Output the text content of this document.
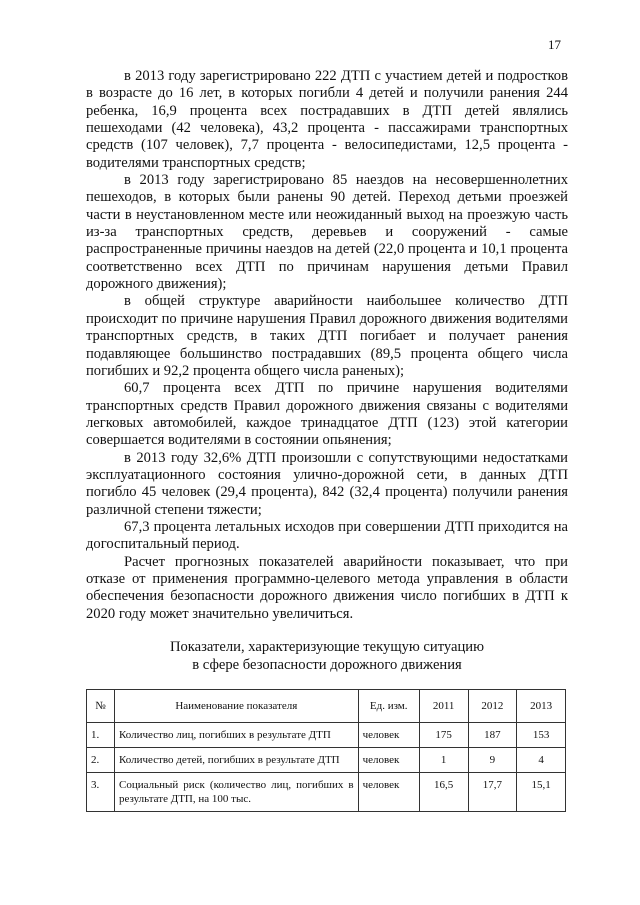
17

в 2013 году зарегистрировано 222 ДТП с участием детей и подростков в возрасте до 16 лет, в которых погибли 4 детей и получили ранения 244 ребенка, 16,9 процента всех пострадавших в ДТП детей являлись пешеходами (42 человека), 43,2 процента - пассажирами транспортных средств (107 человек), 7,7 процента - велосипедистами, 12,5 процента - водителями транспортных средств;

в 2013 году зарегистрировано 85 наездов на несовершеннолетних пешеходов, в которых были ранены 90 детей. Переход детьми проезжей части в неустановленном месте или неожиданный выход на проезжую часть из-за транспортных средств, деревьев и сооружений - самые распространенные причины наездов на детей (22,0 процента и 10,1 процента соответственно всех ДТП по причинам нарушения детьми Правил дорожного движения);

в общей структуре аварийности наибольшее количество ДТП происходит по причине нарушения Правил дорожного движения водителями транспортных средств, в таких ДТП погибает и получает ранения подавляющее большинство пострадавших (89,5 процента общего числа погибших и 92,2 процента общего числа раненых);

60,7 процента всех ДТП по причине нарушения водителями транспортных средств Правил дорожного движения связаны с водителями легковых автомобилей, каждое тринадцатое ДТП (123) этой категории совершается водителями в состоянии опьянения;

в 2013 году 32,6% ДТП произошли с сопутствующими недостатками эксплуатационного состояния улично-дорожной сети, в данных ДТП погибло 45 человек (29,4 процента), 842 (32,4 процента) получили ранения различной степени тяжести;

67,3 процента летальных исходов при совершении ДТП приходится на догоспитальный период.

Расчет прогнозных показателей аварийности показывает, что при отказе от применения программно-целевого метода управления в области обеспечения безопасности дорожного движения число погибших в ДТП к 2020 году может значительно увеличиться.

Показатели, характеризующие текущую ситуацию
в сфере безопасности дорожного движения
№	Наименование показателя	Ед. изм.	2011	2012	2013
1.	Количество лиц, погибших в результате ДТП	человек	175	187	153
2.	Количество детей, погибших в результате ДТП	человек	1	9	4
3.	Социальный риск (количество лиц, погибших в результате ДТП, на 100 тыс.	человек	16,5	17,7	15,1
